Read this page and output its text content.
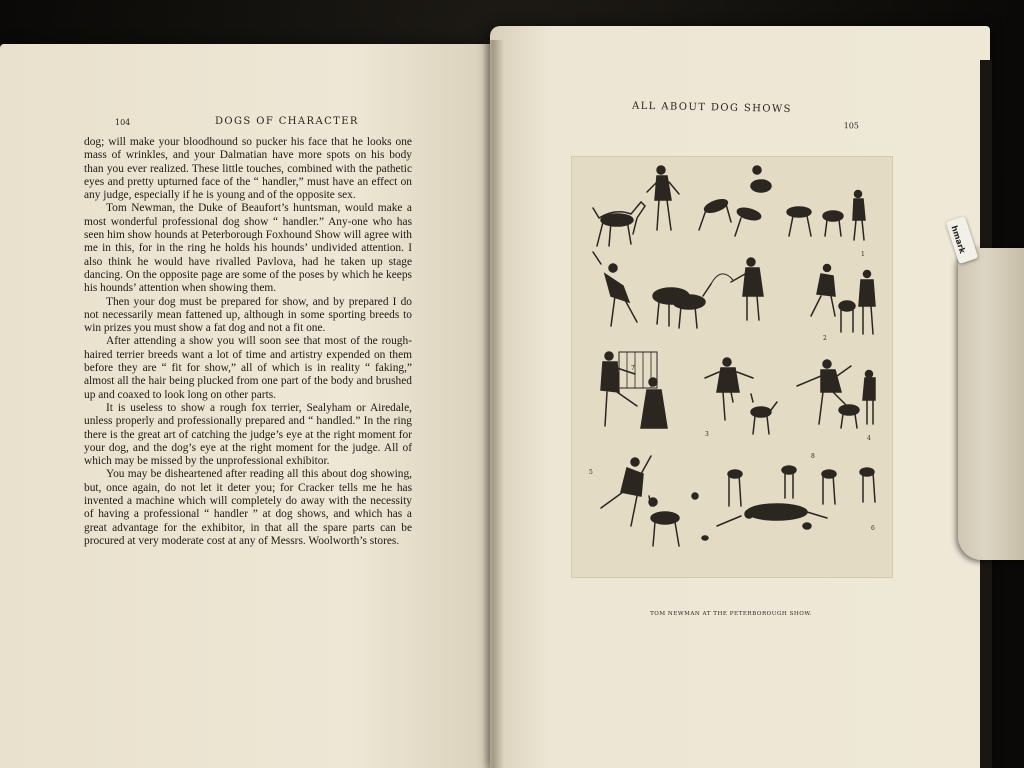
104	DOGS OF CHARACTER

dog; will make your bloodhound so pucker his face that he looks one mass of wrinkles, and your Dalmatian have more spots on his body than you ever realized. These little touches, combined with the pathetic eyes and pretty upturned face of the “ handler,” must have an effect on any judge, especially if he is young and of the opposite sex.

Tom Newman, the Duke of Beaufort’s huntsman, would make a most wonderful professional dog show “ handler.” Any-one who has seen him show hounds at Peterborough Foxhound Show will agree with me in this, for in the ring he holds his hounds’ undivided attention. I also think he would have rivalled Pavlova, had he taken up stage dancing. On the opposite page are some of the poses by which he keeps his hounds’ attention when showing them.

Then your dog must be prepared for show, and by prepared I do not necessarily mean fattened up, although in some sporting breeds to win prizes you must show a fat dog and not a fit one.

After attending a show you will soon see that most of the rough-haired terrier breeds want a lot of time and artistry expended on them before they are “ fit for show,” all of which is in reality “ faking,” almost all the hair being plucked from one part of the body and brushed up and coaxed to look long on other parts.

It is useless to show a rough fox terrier, Sealyham or Airedale, unless properly and professionally prepared and “ handled.” In the ring there is the great art of catching the judge’s eye at the right moment for your dog, and the dog’s eye at the right moment for the judge. All of which may be missed by the unprofessional exhibitor.

You may be disheartened after reading all this about dog showing, but, once again, do not let it deter you; for Cracker tells me he has invented a machine which will completely do away with the necessity of having a professional “ handler ” at dog shows, and which has a great advantage for the exhibitor, in that all the spare parts can be procured at very moderate cost at any of Messrs. Woolworth’s stores.

ALL ABOUT DOG SHOWS
105
1
2
3
4
5
6
7
8
TOM NEWMAN AT THE PETERBOROUGH SHOW.
hmark
